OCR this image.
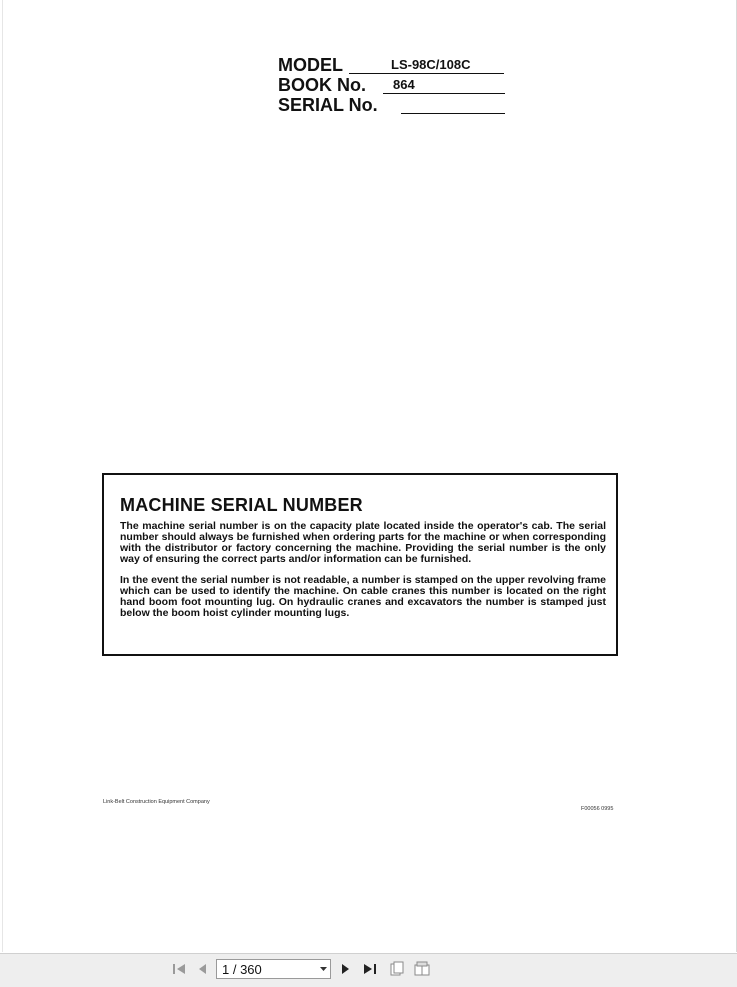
MODEL	LS-98C/108C
BOOK No. 864
SERIAL No.
MACHINE SERIAL NUMBER

The machine serial number is on the capacity plate located inside the operator's cab. The serial number should always be furnished when ordering parts for the machine or when corresponding with the distributor or factory concerning the machine. Providing the serial number is the only way of ensuring the correct parts and/or information can be furnished.

In the event the serial number is not readable, a number is stamped on the upper revolving frame which can be used to identify the machine. On cable cranes this number is located on the right hand boom foot mounting lug. On hydraulic cranes and excavators the number is stamped just below the boom hoist cylinder mounting lugs.

Link-Belt Construction Equipment Company
F00056 0995
1 / 360
